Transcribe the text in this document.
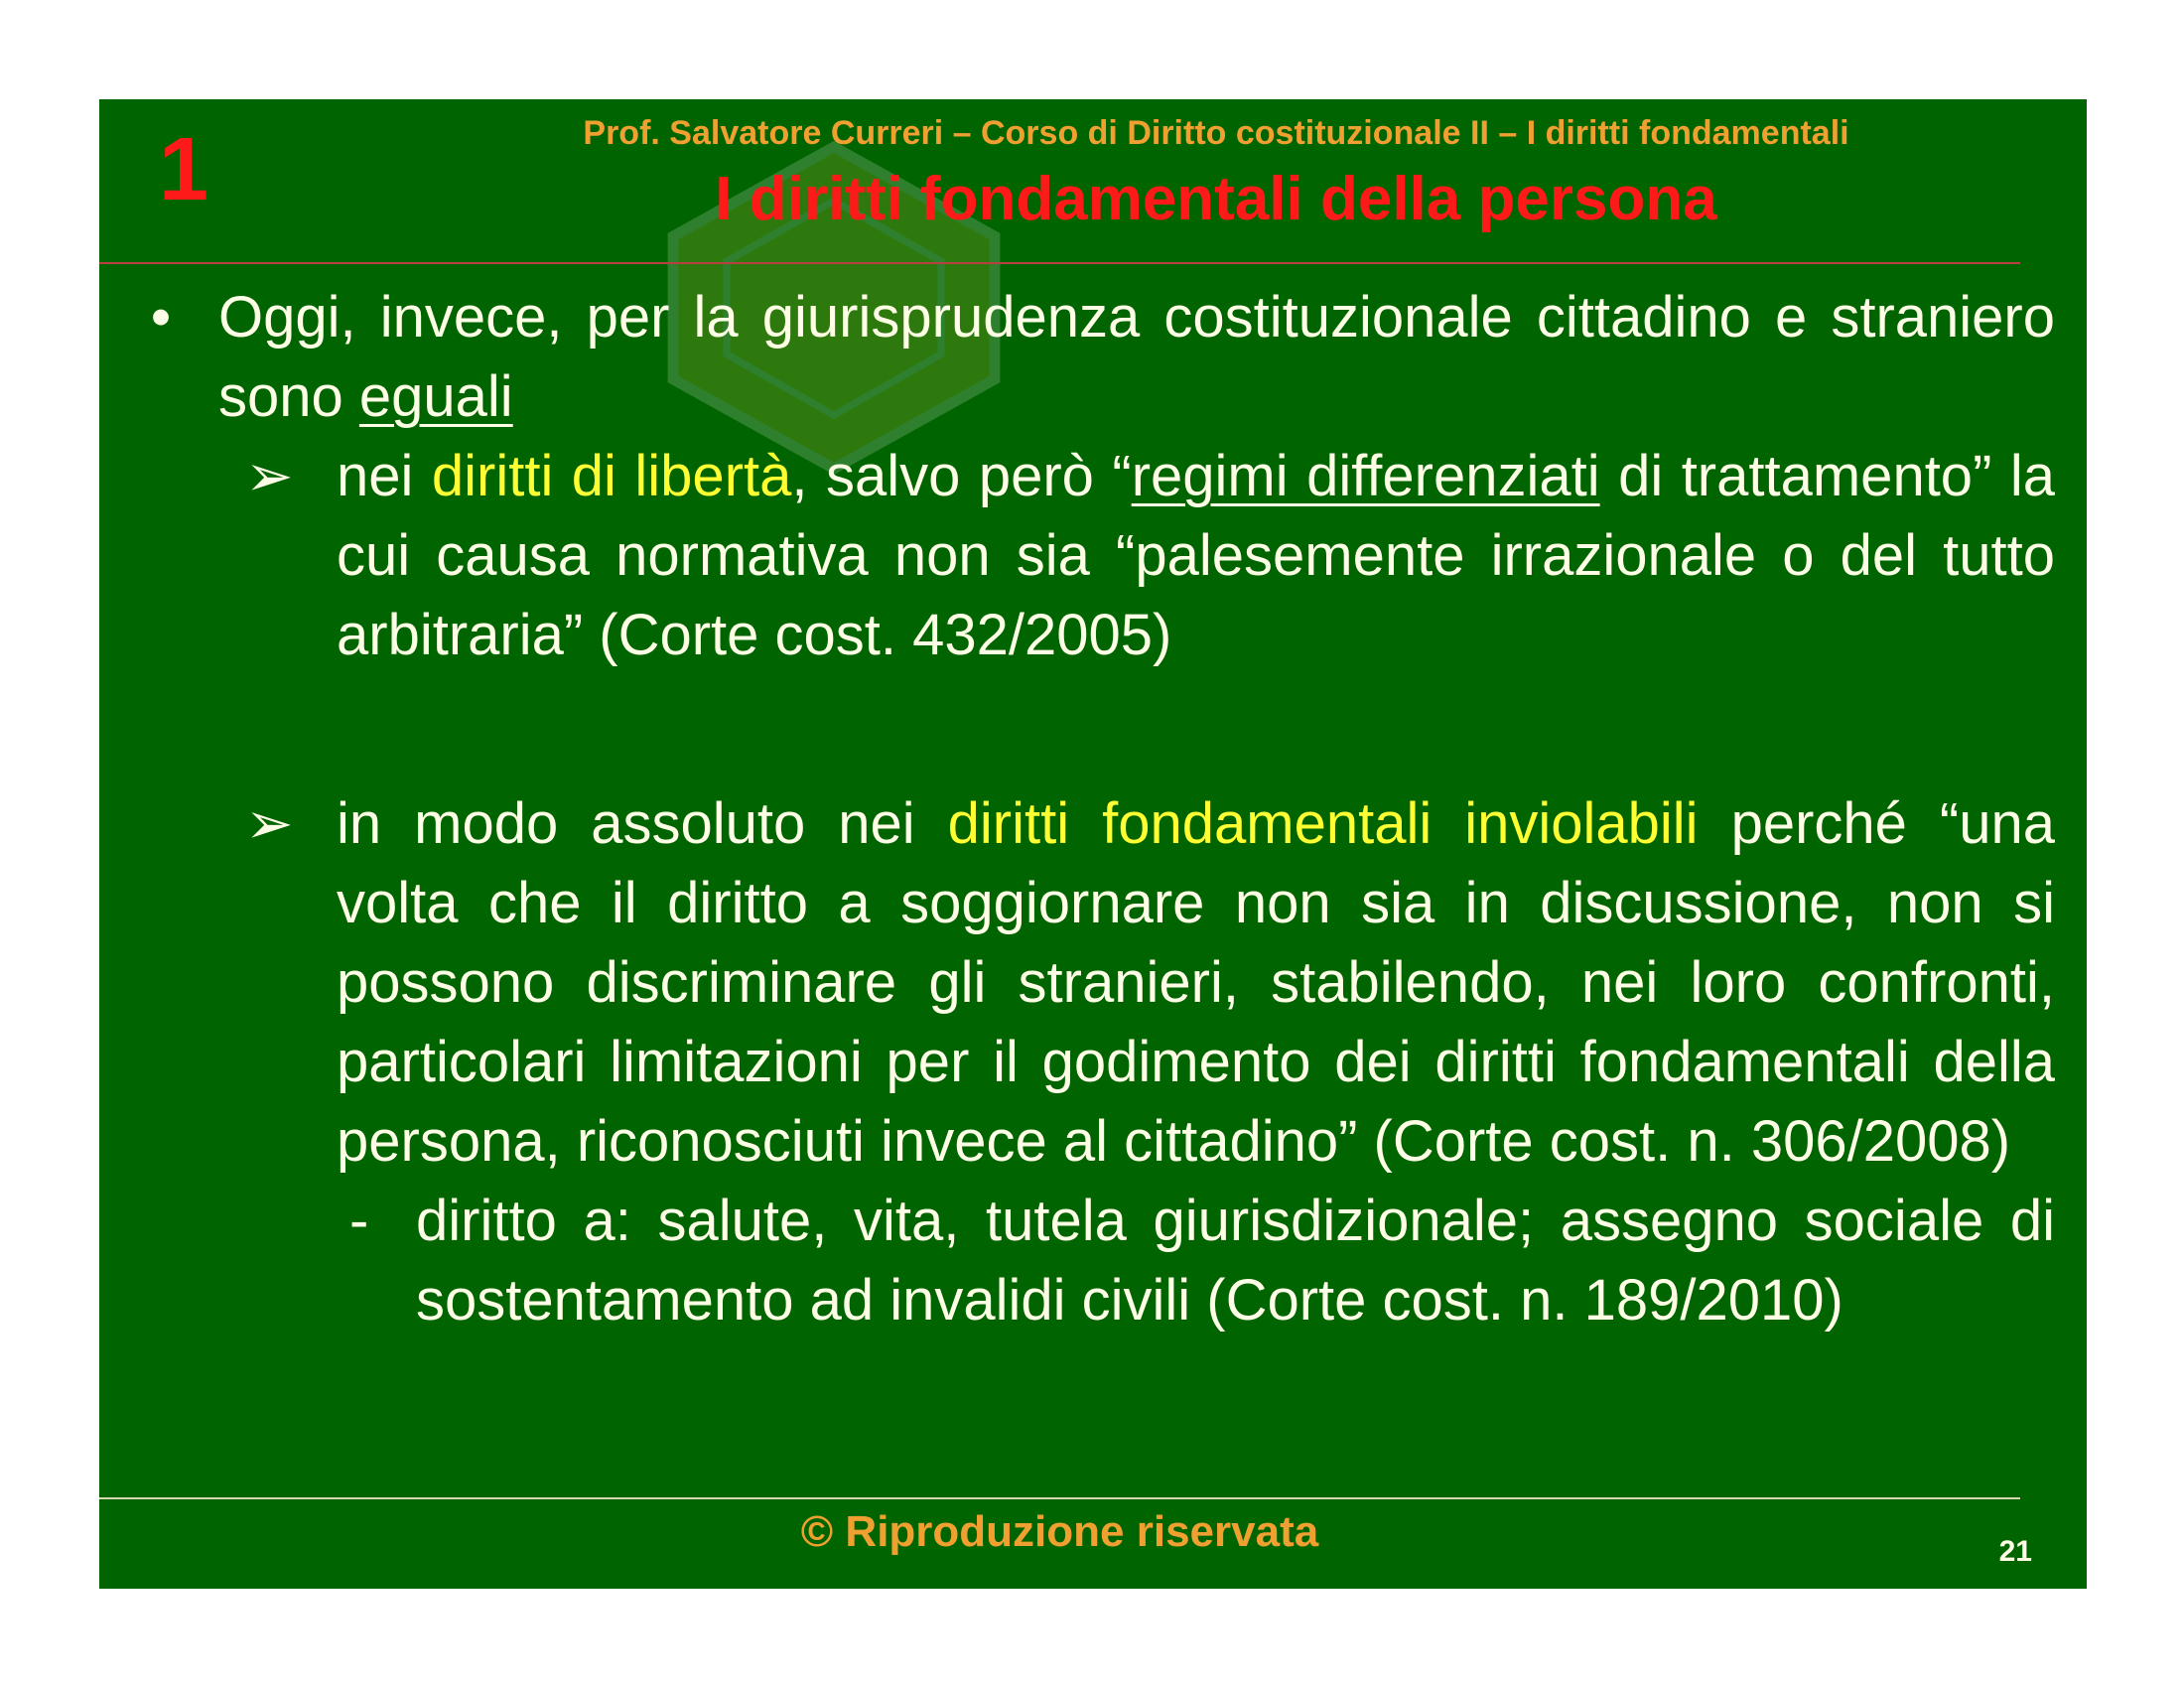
1	Prof. Salvatore Curreri – Corso di Diritto costituzionale II – I diritti fondamentali
I diritti fondamentali della persona

• Oggi, invece, per la giurisprudenza costituzionale cittadino e straniero sono eguali

➢ nei diritti di libertà, salvo però “regimi differenziati di trattamento” la cui causa normativa non sia “palesemente irrazionale o del tutto arbitraria” (Corte cost. 432/2005)

➢ in modo assoluto nei diritti fondamentali inviolabili perché “una volta che il diritto a soggiornare non sia in discussione, non si possono discriminare gli stranieri, stabilendo, nei loro confronti, particolari limitazioni per il godimento dei diritti fondamentali della persona, riconosciuti invece al cittadino” (Corte cost. n. 306/2008)

- diritto a: salute, vita, tutela giurisdizionale; assegno sociale di sostentamento ad invalidi civili (Corte cost. n. 189/2010)

© Riproduzione riservata	21
